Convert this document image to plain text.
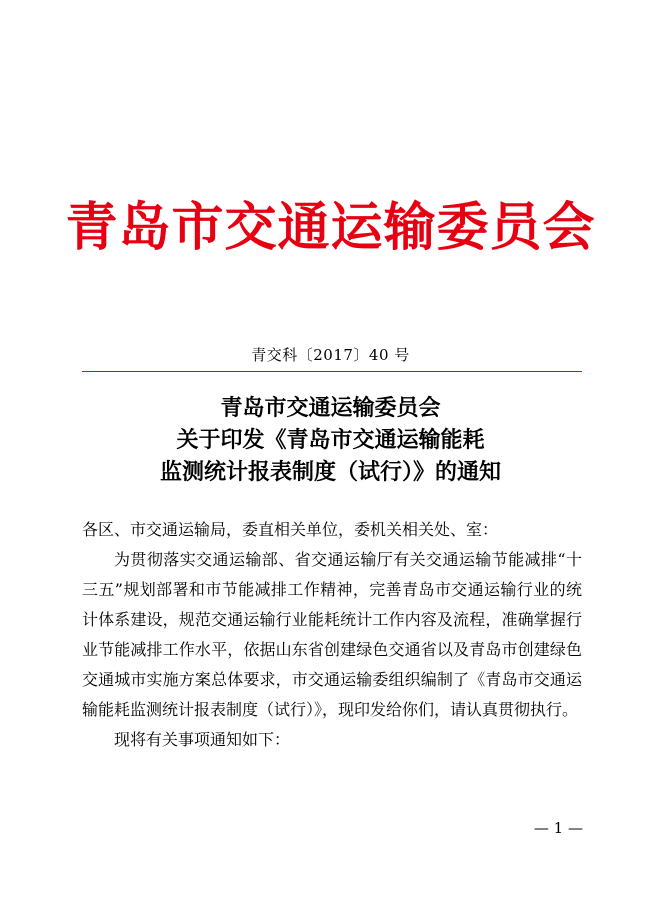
青岛市交通运输委员会
青交科〔2017〕40 号
青岛市交通运输委员会
关于印发《青岛市交通运输能耗
监测统计报表制度（试行）》的通知
各区、市交通运输局，委直相关单位，委机关相关处、室：

为贯彻落实交通运输部、省交通运输厅有关交通运输节能减排“十三五”规划部署和市节能减排工作精神，完善青岛市交通运输行业的统计体系建设，规范交通运输行业能耗统计工作内容及流程，准确掌握行业节能减排工作水平，依据山东省创建绿色交通省以及青岛市创建绿色交通城市实施方案总体要求，市交通运输委组织编制了《青岛市交通运输能耗监测统计报表制度（试行）》，现印发给你们，请认真贯彻执行。

现将有关事项通知如下：

— 1 —
